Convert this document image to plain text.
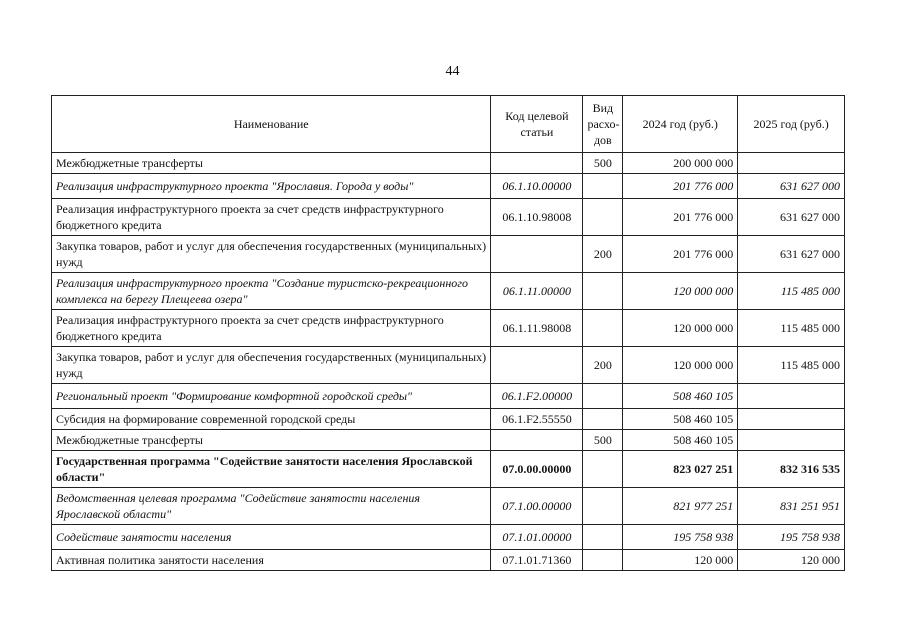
44
Наименование	Код целевой статьи	Вид расхо-дов	2024 год (руб.)	2025 год (руб.)
Межбюджетные трансферты		500	200 000 000	
Реализация инфраструктурного проекта "Ярославия. Города у воды"	06.1.10.00000		201 776 000	631 627 000
Реализация инфраструктурного проекта за счет средств инфраструктурного бюджетного кредита	06.1.10.98008		201 776 000	631 627 000
Закупка товаров, работ и услуг для обеспечения государственных (муниципальных) нужд		200	201 776 000	631 627 000
Реализация инфраструктурного проекта "Создание туристско-рекреационного комплекса на берегу Плещеева озера"	06.1.11.00000		120 000 000	115 485 000
Реализация инфраструктурного проекта за счет средств инфраструктурного бюджетного кредита	06.1.11.98008		120 000 000	115 485 000
Закупка товаров, работ и услуг для обеспечения государственных (муниципальных) нужд		200	120 000 000	115 485 000
Региональный проект "Формирование комфортной городской среды"	06.1.F2.00000		508 460 105	
Субсидия на формирование современной городской среды	06.1.F2.55550		508 460 105	
Межбюджетные трансферты		500	508 460 105	
Государственная программа "Содействие занятости населения Ярославской области"	07.0.00.00000		823 027 251	832 316 535
Ведомственная целевая программа "Содействие занятости населения Ярославской области"	07.1.00.00000		821 977 251	831 251 951
Содействие занятости населения	07.1.01.00000		195 758 938	195 758 938
Активная политика занятости населения	07.1.01.71360		120 000	120 000
